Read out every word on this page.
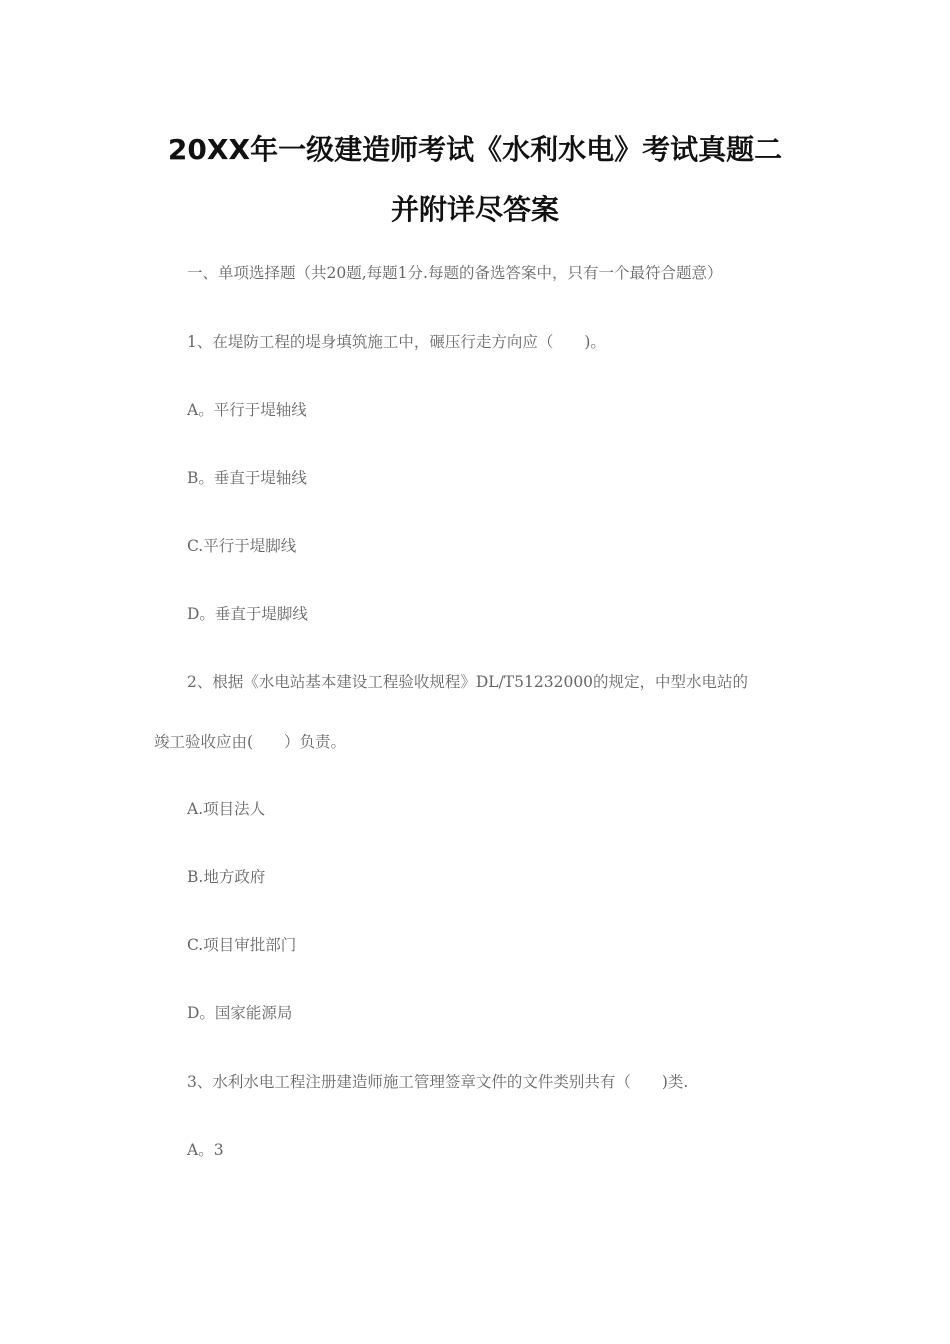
20XX年一级建造师考试《水利水电》考试真题二
并附详尽答案
一、单项选择题（共20题,每题1分.每题的备选答案中，只有一个最符合题意）
1、在堤防工程的堤身填筑施工中，碾压行走方向应（　　)。
A。平行于堤轴线
B。垂直于堤轴线
C.平行于堤脚线
D。垂直于堤脚线
2、根据《水电站基本建设工程验收规程》DL/T51232000的规定，中型水电站的
竣工验收应由(　　）负责。
A.项目法人
B.地方政府
C.项目审批部门
D。国家能源局
3、水利水电工程注册建造师施工管理签章文件的文件类别共有（　　)类.
A。3
